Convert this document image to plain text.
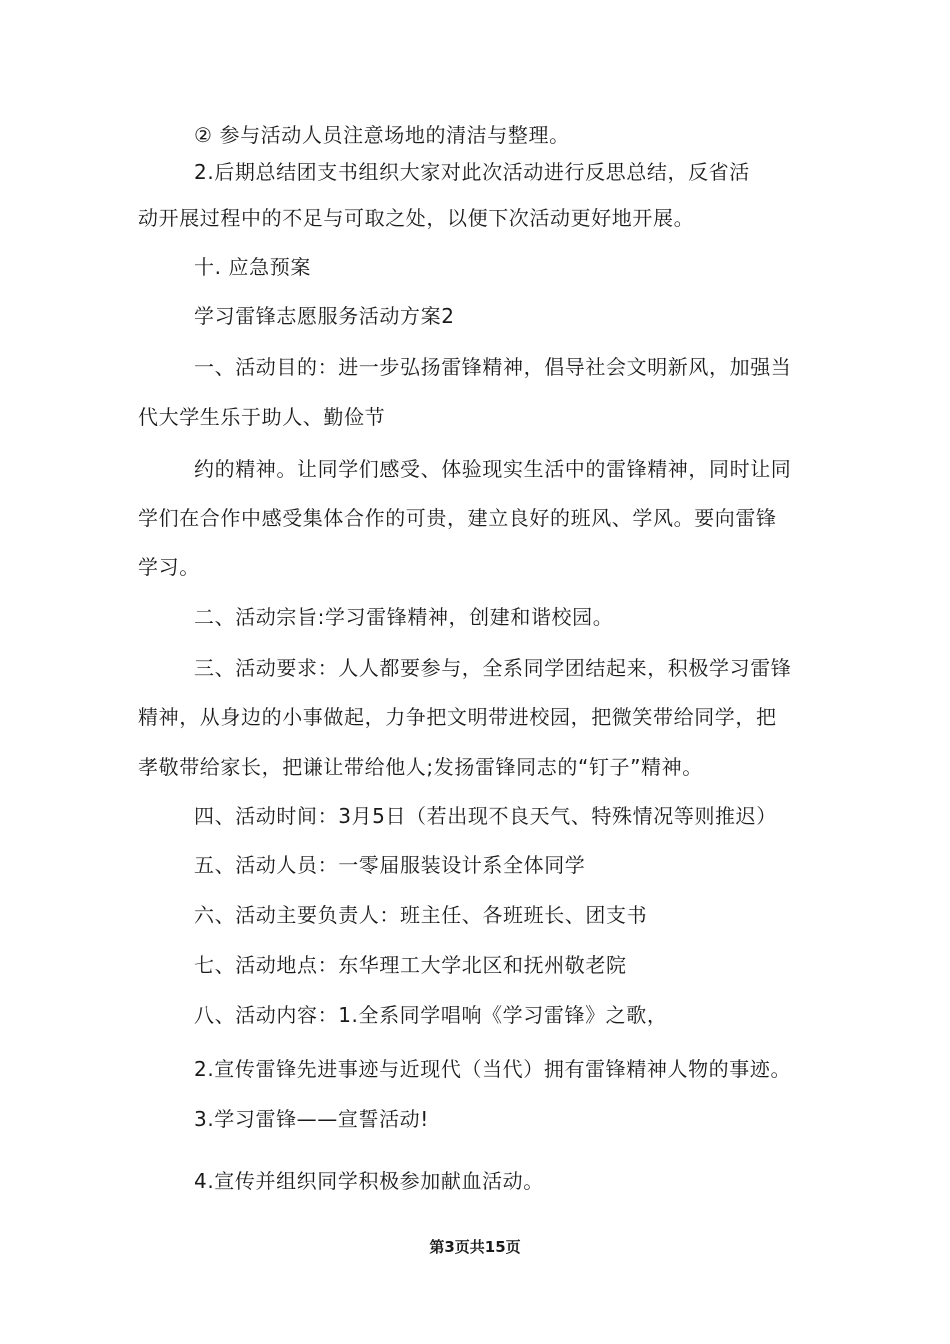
② 参与活动人员注意场地的清洁与整理。

2.后期总结团支书组织大家对此次活动进行反思总结，反省活

动开展过程中的不足与可取之处，以便下次活动更好地开展。

十. 应急预案

学习雷锋志愿服务活动方案2

一、活动目的：进一步弘扬雷锋精神，倡导社会文明新风，加强当

代大学生乐于助人、勤俭节

约的精神。让同学们感受、体验现实生活中的雷锋精神，同时让同

学们在合作中感受集体合作的可贵，建立良好的班风、学风。要向雷锋

学习。

二、活动宗旨:学习雷锋精神，创建和谐校园。

三、活动要求：人人都要参与，全系同学团结起来，积极学习雷锋

精神，从身边的小事做起，力争把文明带进校园，把微笑带给同学，把

孝敬带给家长，把谦让带给他人;发扬雷锋同志的“钉子”精神。

四、活动时间：3月5日（若出现不良天气、特殊情况等则推迟）

五、活动人员：一零届服装设计系全体同学

六、活动主要负责人：班主任、各班班长、团支书

七、活动地点：东华理工大学北区和抚州敬老院

八、活动内容：1.全系同学唱响《学习雷锋》之歌，

2.宣传雷锋先进事迹与近现代（当代）拥有雷锋精神人物的事迹。

3.学习雷锋——宣誓活动!

4.宣传并组织同学积极参加献血活动。

第3页共15页
